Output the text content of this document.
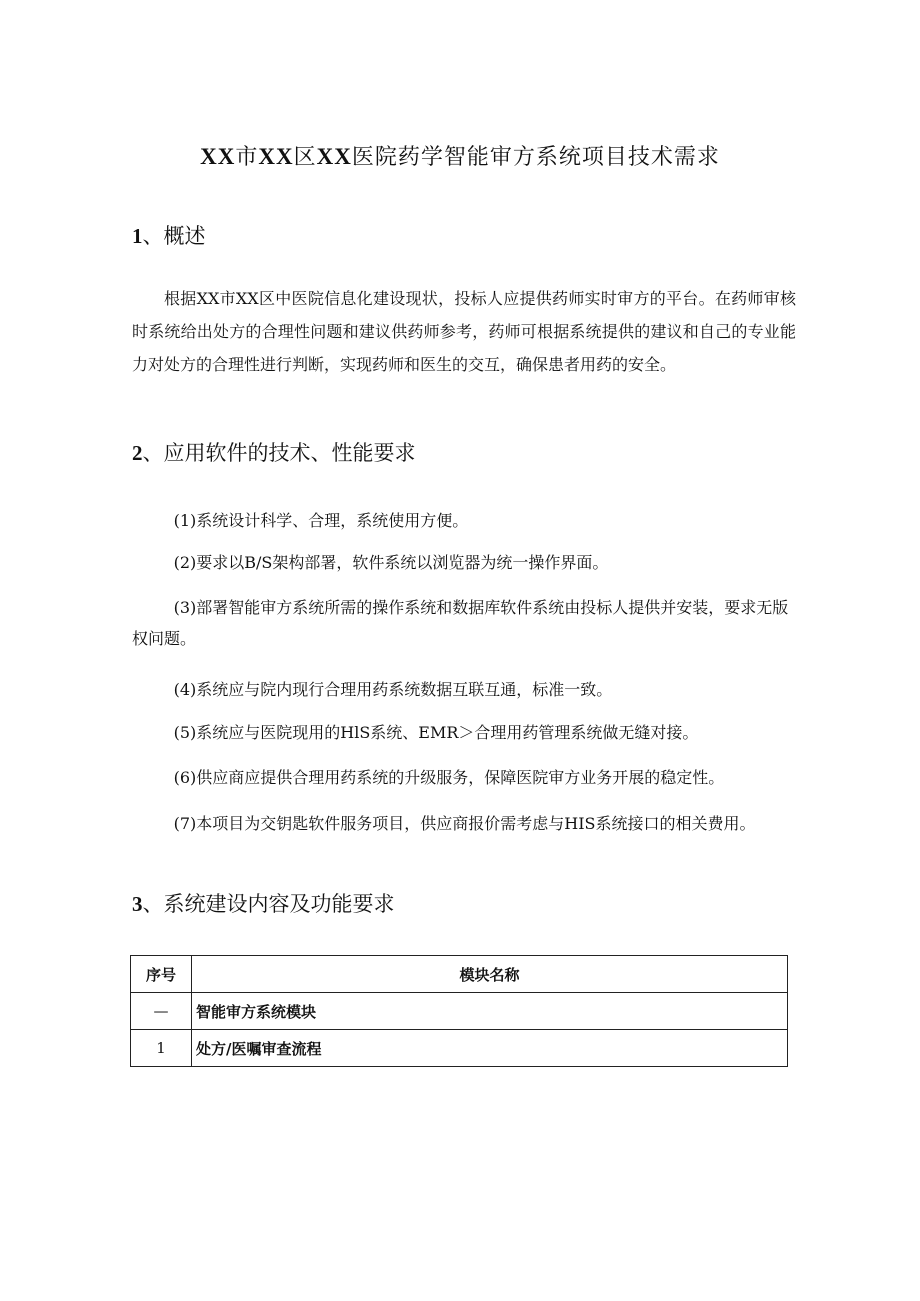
XX市XX区XX医院药学智能审方系统项目技术需求
1、概述

根据XX市XX区中医院信息化建设现状，投标人应提供药师实时审方的平台。在药师审核时系统给出处方的合理性问题和建议供药师参考，药师可根据系统提供的建议和自己的专业能力对处方的合理性进行判断，实现药师和医生的交互，确保患者用药的安全。

2、应用软件的技术、性能要求

(1)系统设计科学、合理，系统使用方便。

(2)要求以B/S架构部署，软件系统以浏览器为统一操作界面。

(3)部署智能审方系统所需的操作系统和数据库软件系统由投标人提供并安装，要求无版权问题。

(4)系统应与院内现行合理用药系统数据互联互通，标准一致。

(5)系统应与医院现用的HlS系统、EMR＞合理用药管理系统做无缝对接。

(6)供应商应提供合理用药系统的升级服务，保障医院审方业务开展的稳定性。

(7)本项目为交钥匙软件服务项目，供应商报价需考虑与HIS系统接口的相关费用。

3、系统建设内容及功能要求
序号	模块名称
—	智能审方系统模块
1	处方/医嘱审查流程
